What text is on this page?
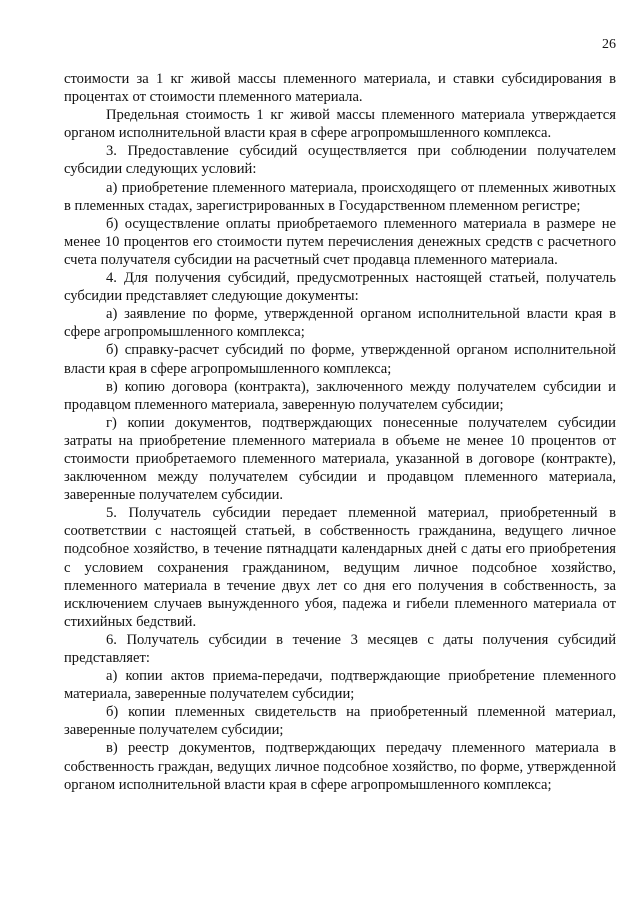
26

стоимости за 1 кг живой массы племенного материала, и ставки субсидирования в процентах от стоимости племенного материала.

Предельная стоимость 1 кг живой массы племенного материала утверждается органом исполнительной власти края в сфере агропромышленного комплекса.

3. Предоставление субсидий осуществляется при соблюдении получателем субсидии следующих условий:

а) приобретение племенного материала, происходящего от племенных животных в племенных стадах, зарегистрированных в Государственном племенном регистре;

б) осуществление оплаты приобретаемого племенного материала в размере не менее 10 процентов его стоимости путем перечисления денежных средств с расчетного счета получателя субсидии на расчетный счет продавца племенного материала.

4. Для получения субсидий, предусмотренных настоящей статьей, получатель субсидии представляет следующие документы:

а) заявление по форме, утвержденной органом исполнительной власти края в сфере агропромышленного комплекса;

б) справку-расчет субсидий по форме, утвержденной органом исполнительной власти края в сфере агропромышленного комплекса;

в) копию договора (контракта), заключенного между получателем субсидии и продавцом племенного материала, заверенную получателем субсидии;

г) копии документов, подтверждающих понесенные получателем субсидии затраты на приобретение племенного материала в объеме не менее 10 процентов от стоимости приобретаемого племенного материала, указанной в договоре (контракте), заключенном между получателем субсидии и продавцом племенного материала, заверенные получателем субсидии.

5. Получатель субсидии передает племенной материал, приобретенный в соответствии с настоящей статьей, в собственность гражданина, ведущего личное подсобное хозяйство, в течение пятнадцати календарных дней с даты его приобретения с условием сохранения гражданином, ведущим личное подсобное хозяйство, племенного материала в течение двух лет со дня его получения в собственность, за исключением случаев вынужденного убоя, падежа и гибели племенного материала от стихийных бедствий.

6. Получатель субсидии в течение 3 месяцев с даты получения субсидий представляет:

а) копии актов приема-передачи, подтверждающие приобретение племенного материала, заверенные получателем субсидии;

б) копии племенных свидетельств на приобретенный племенной материал, заверенные получателем субсидии;

в) реестр документов, подтверждающих передачу племенного материала в собственность граждан, ведущих личное подсобное хозяйство, по форме, утвержденной органом исполнительной власти края в сфере агропромышленного комплекса;
